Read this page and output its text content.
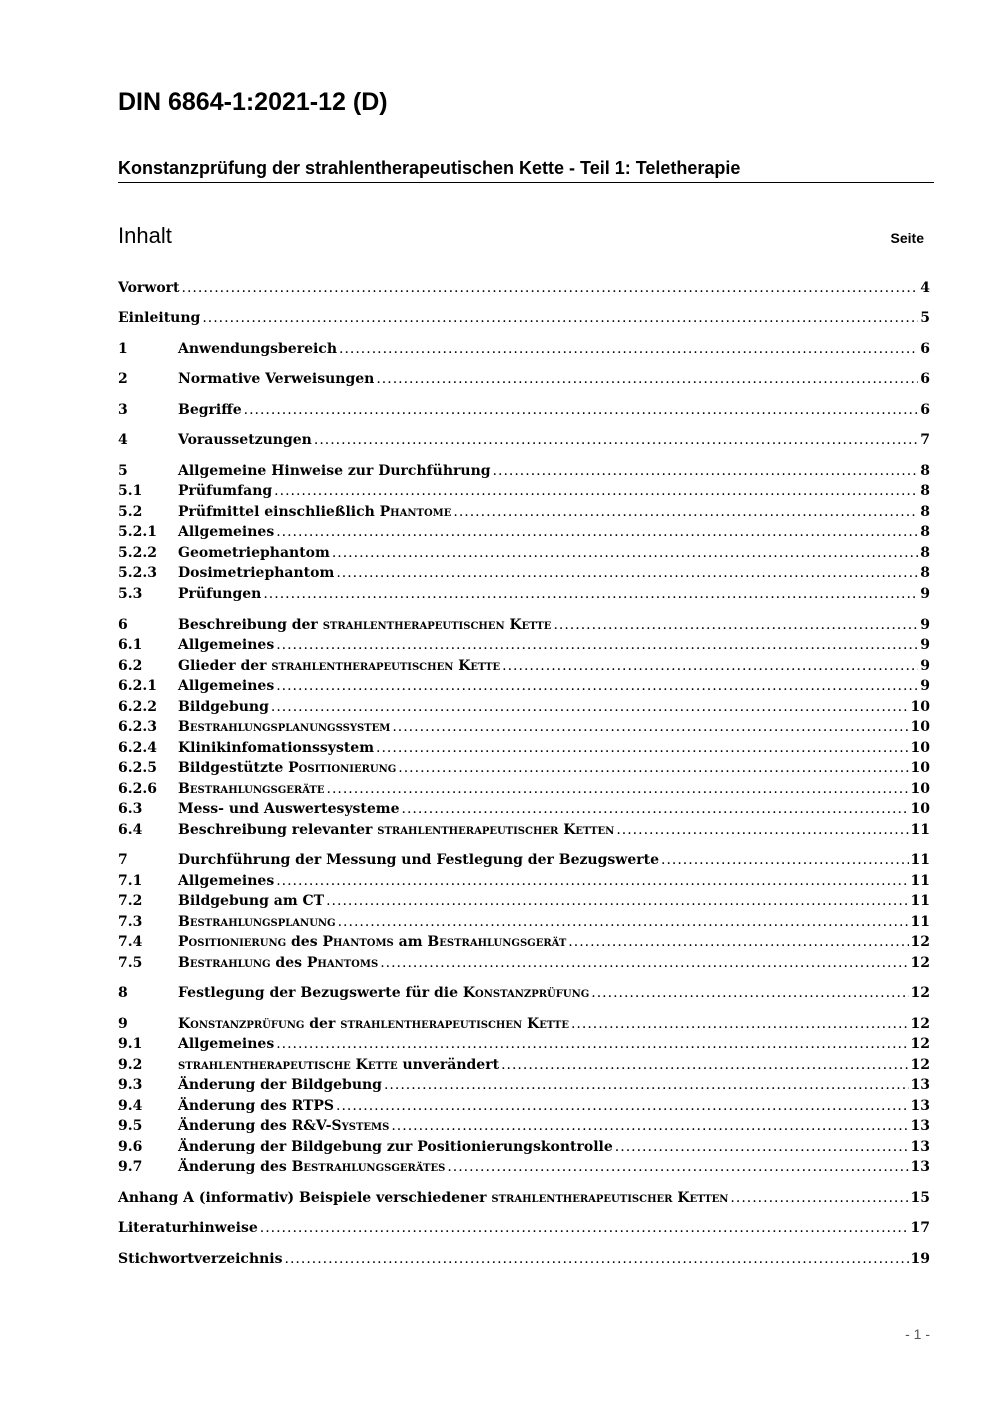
DIN 6864-1:2021-12 (D)
Konstanzprüfung der strahlentherapeutischen Kette - Teil 1: Teletherapie
Inhalt	Seite
Vorwort .....	4
Einleitung .....	5
1	Anwendungsbereich .....	6
2	Normative Verweisungen .....	6
3	Begriffe .....	6
4	Voraussetzungen .....	7
5	Allgemeine Hinweise zur Durchführung .....	8
5.1	Prüfumfang .....	8
5.2	Prüfmittel einschließlich Phantome .....	8
5.2.1	Allgemeines .....	8
5.2.2	Geometriephantom .....	8
5.2.3	Dosimetriephantom .....	8
5.3	Prüfungen .....	9
6	Beschreibung der strahlentherapeutischen Kette .....	9
6.1	Allgemeines .....	9
6.2	Glieder der strahlentherapeutischen Kette .....	9
6.2.1	Allgemeines .....	9
6.2.2	Bildgebung .....	10
6.2.3	Bestrahlungsplanungssystem .....	10
6.2.4	Klinikinfomationssystem .....	10
6.2.5	Bildgestützte Positionierung .....	10
6.2.6	Bestrahlungsgeräte .....	10
6.3	Mess- und Auswertesysteme .....	10
6.4	Beschreibung relevanter strahlentherapeutischer Ketten .....	11
7	Durchführung der Messung und Festlegung der Bezugswerte .....	11
7.1	Allgemeines .....	11
7.2	Bildgebung am CT .....	11
7.3	Bestrahlungsplanung .....	11
7.4	Positionierung des Phantoms am Bestrahlungsgerät .....	12
7.5	Bestrahlung des Phantoms .....	12
8	Festlegung der Bezugswerte für die Konstanzprüfung .....	12
9	Konstanzprüfung der strahlentherapeutischen Kette .....	12
9.1	Allgemeines .....	12
9.2	strahlentherapeutische Kette unverändert .....	12
9.3	Änderung der Bildgebung .....	13
9.4	Änderung des RTPS .....	13
9.5	Änderung des R&V-Systems .....	13
9.6	Änderung der Bildgebung zur Positionierungskontrolle .....	13
9.7	Änderung des Bestrahlungsgerätes .....	13
Anhang A (informativ) Beispiele verschiedener strahlentherapeutischer Ketten .....	15
Literaturhinweise .....	17
Stichwortverzeichnis .....	19
- 1 -
